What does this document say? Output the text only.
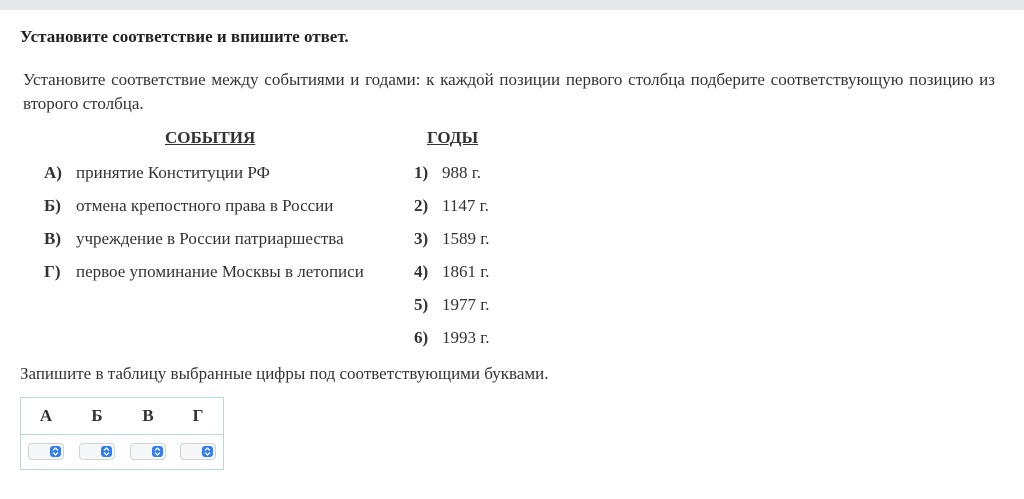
Установите соответствие и впишите ответ.
Установите соответствие между событиями и годами: к каждой позиции первого столбца подберите соответствующую позицию из второго столбца.
СОБЫТИЯ	ГОДЫ
А) принятие Конституции РФ
Б) отмена крепостного права в России
В) учреждение в России патриаршества
Г) первое упоминание Москвы в летописи
1) 988 г.
2) 1147 г.
3) 1589 г.
4) 1861 г.
5) 1977 г.
6) 1993 г.
Запишите в таблицу выбранные цифры под соответствующими буквами.
А	Б	В	Г
